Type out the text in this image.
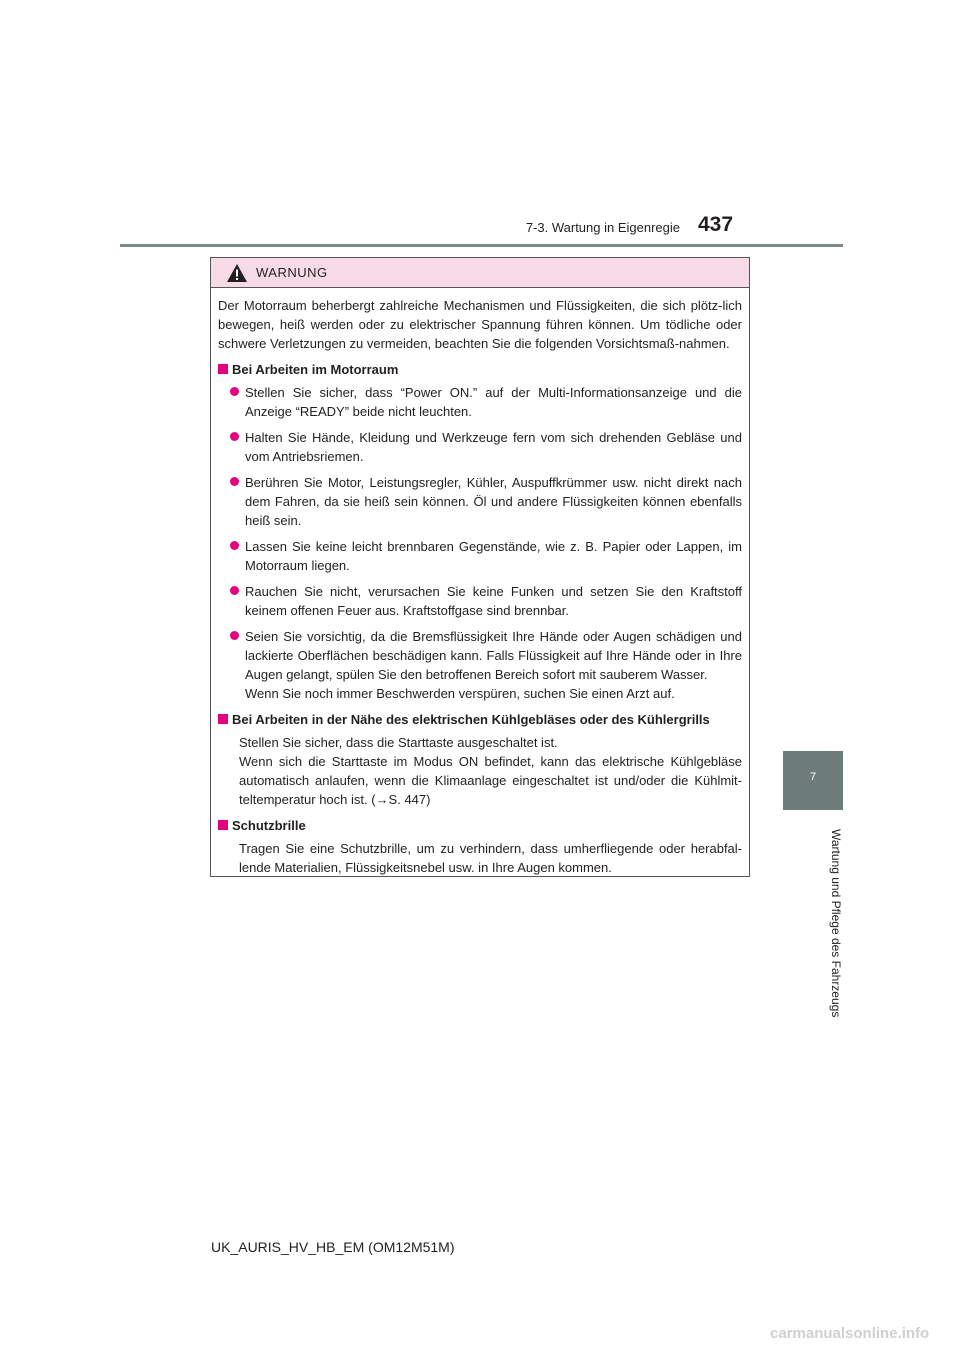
7-3. Wartung in Eigenregie 437
7
Wartung und Pflege des Fahrzeugs
WARNUNG

Der Motorraum beherbergt zahlreiche Mechanismen und Flüssigkeiten, die sich plötz-lich bewegen, heiß werden oder zu elektrischer Spannung führen können. Um tödliche oder schwere Verletzungen zu vermeiden, beachten Sie die folgenden Vorsichtsmaß-nahmen.

Bei Arbeiten im Motorraum
Stellen Sie sicher, dass “Power ON.” auf der Multi-Informationsanzeige und die Anzeige “READY” beide nicht leuchten.
Halten Sie Hände, Kleidung und Werkzeuge fern vom sich drehenden Gebläse und vom Antriebsriemen.
Berühren Sie Motor, Leistungsregler, Kühler, Auspuffkrümmer usw. nicht direkt nach dem Fahren, da sie heiß sein können. Öl und andere Flüssigkeiten können ebenfalls heiß sein.
Lassen Sie keine leicht brennbaren Gegenstände, wie z. B. Papier oder Lappen, im Motorraum liegen.
Rauchen Sie nicht, verursachen Sie keine Funken und setzen Sie den Kraftstoff keinem offenen Feuer aus. Kraftstoffgase sind brennbar.
Seien Sie vorsichtig, da die Bremsflüssigkeit Ihre Hände oder Augen schädigen und lackierte Oberflächen beschädigen kann. Falls Flüssigkeit auf Ihre Hände oder in Ihre Augen gelangt, spülen Sie den betroffenen Bereich sofort mit sauberem Wasser.
Wenn Sie noch immer Beschwerden verspüren, suchen Sie einen Arzt auf.
Bei Arbeiten in der Nähe des elektrischen Kühlgebläses oder des Kühlergrills
Stellen Sie sicher, dass die Starttaste ausgeschaltet ist.
Wenn sich die Starttaste im Modus ON befindet, kann das elektrische Kühlgebläse automatisch anlaufen, wenn die Klimaanlage eingeschaltet ist und/oder die Kühlmit-teltemperatur hoch ist. (→S. 447)
Schutzbrille
Tragen Sie eine Schutzbrille, um zu verhindern, dass umherfliegende oder herabfal-lende Materialien, Flüssigkeitsnebel usw. in Ihre Augen kommen.
UK_AURIS_HV_HB_EM (OM12M51M)
carmanualsonline.info
